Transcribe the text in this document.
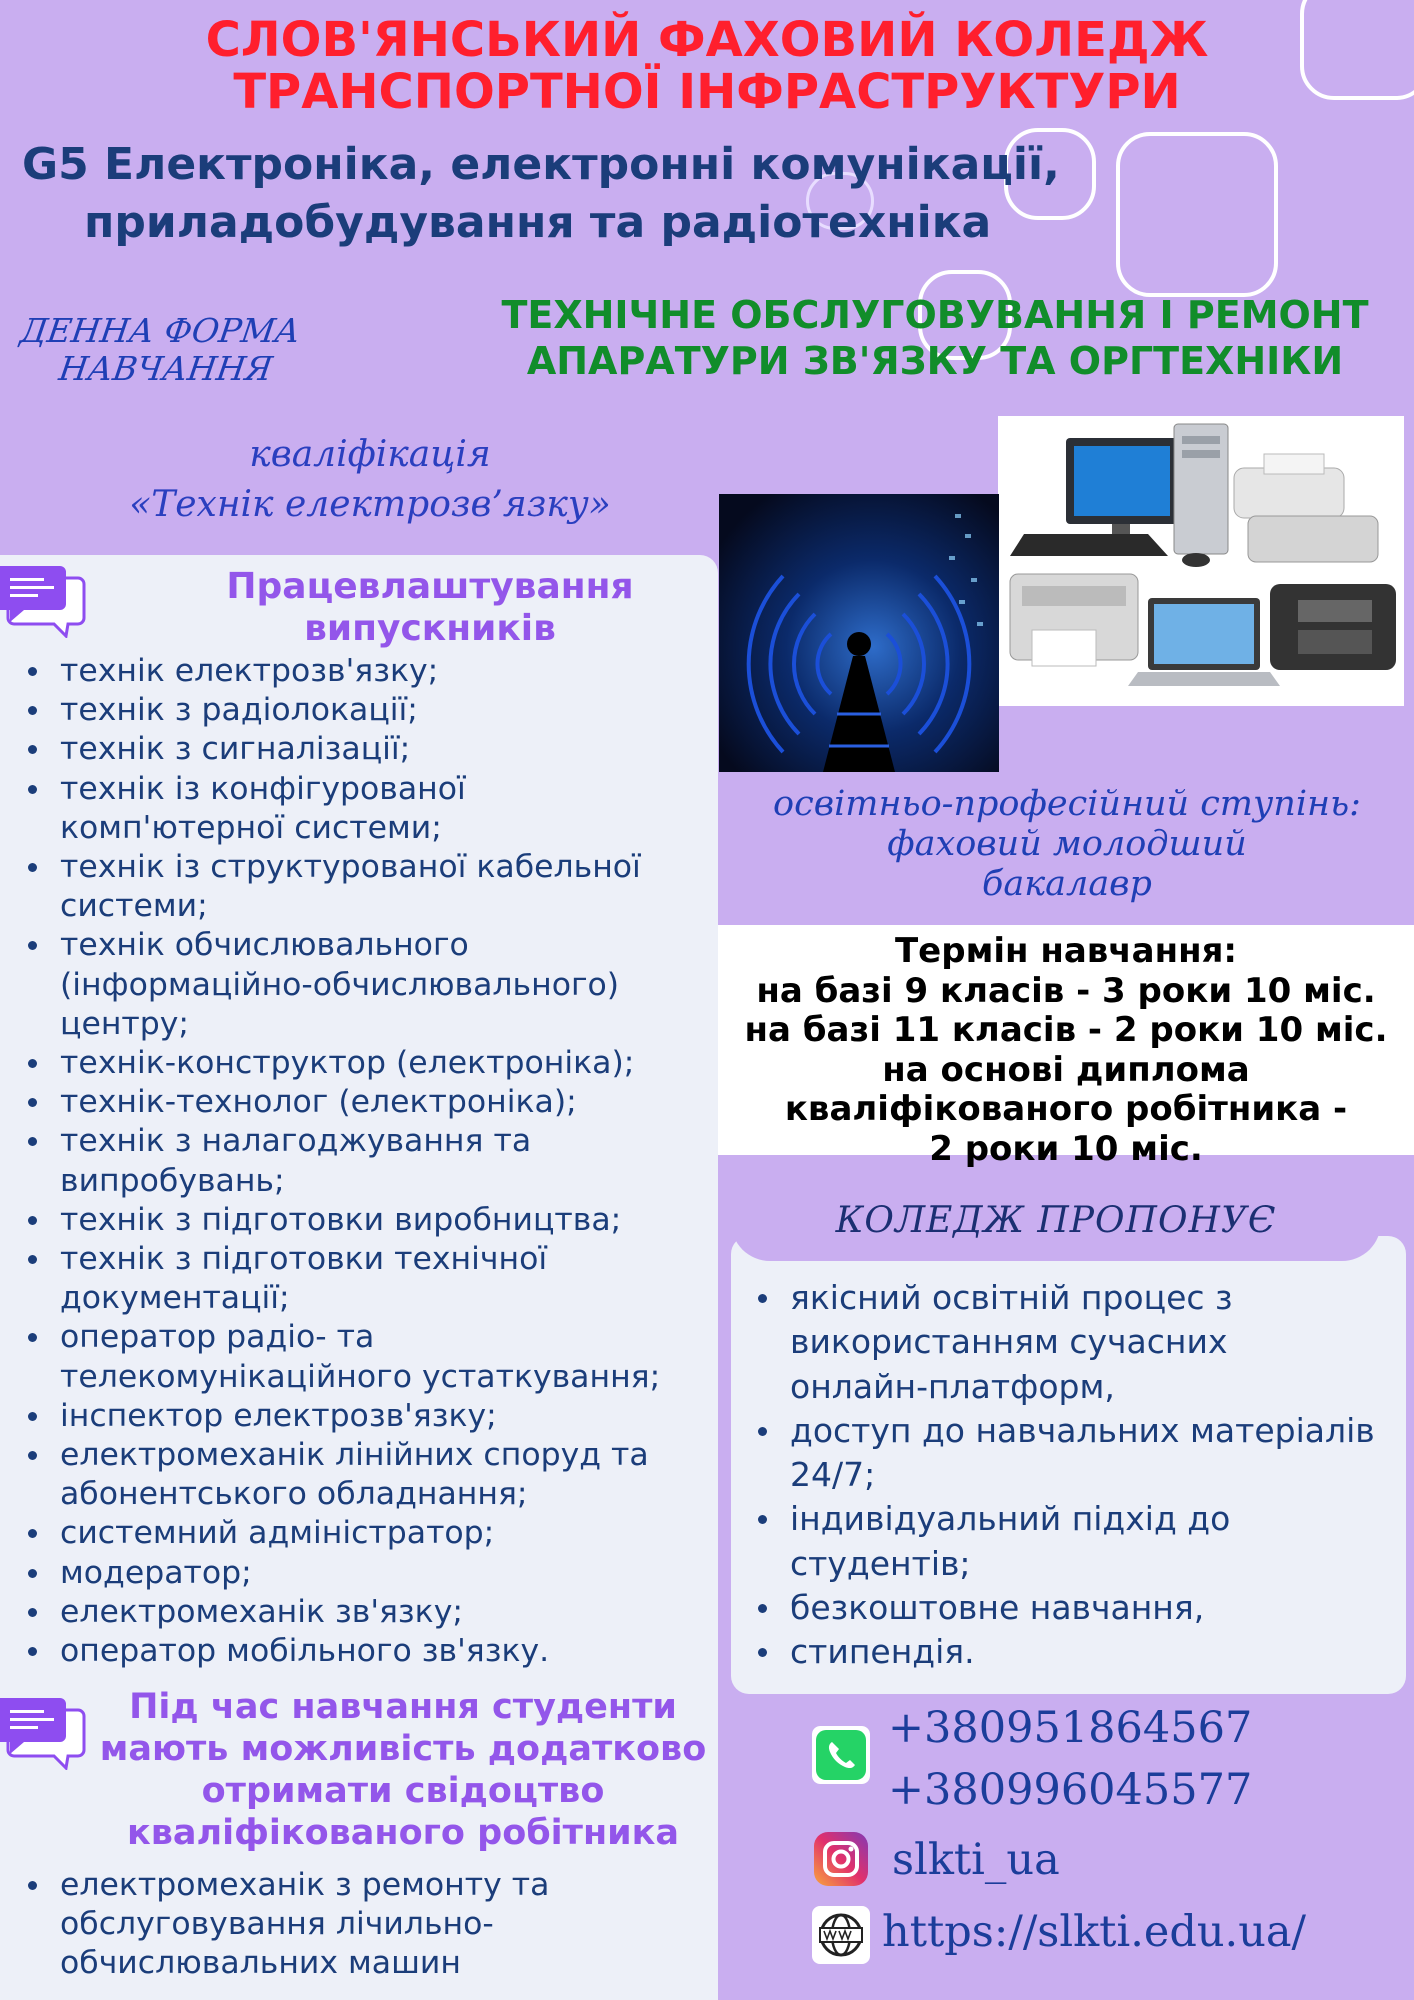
СЛОВ'ЯНСЬКИЙ ФАХОВИЙ КОЛЕДЖ
ТРАНСПОРТНОЇ ІНФРАСТРУКТУРИ
G5 Електроніка, електронні комунікації,
приладобудування та радіотехніка
ДЕННА ФОРМА
НАВЧАННЯ
ТЕХНІЧНЕ ОБСЛУГОВУВАННЯ І РЕМОНТ
АПАРАТУРИ ЗВ'ЯЗКУ ТА ОРГТЕХНІКИ
кваліфікація
«Технік електрозв’язку»
Працевлаштування
випускників
технік електрозв'язку;
технік з радіолокації;
технік з сигналізації;
технік із конфігурованої комп'ютерної системи;
технік із структурованої кабельної системи;
технік обчислювального (інформаційно-обчислювального) центру;
технік-конструктор (електроніка);
технік-технолог (електроніка);
технік з налагоджування та випробувань;
технік з підготовки виробництва;
технік з підготовки технічної документації;
оператор радіо- та телекомунікаційного устаткування;
інспектор електрозв'язку;
електромеханік лінійних споруд та абонентського обладнання;
системний адміністратор;
модератор;
електромеханік зв'язку;
оператор мобільного зв'язку.
Під час навчання студенти
мають можливість додатково
отримати свідоцтво
кваліфікованого робітника
електромеханік з ремонту та обслуговування лічильно-обчислювальних машин
освітньо-професійний ступінь:
фаховий молодший
бакалавр
Термін навчання:
на базі 9 класів - 3 роки 10 міс.
на базі 11 класів - 2 роки 10 міс.
на основі диплома
кваліфікованого робітника -
2 роки 10 міс.
КОЛЕДЖ ПРОПОНУЄ
якісний освітній процес з використанням сучасних онлайн-платформ,
доступ до навчальних матеріалів 24/7;
індивідуальний підхід до студентів;
безкоштовне навчання,
стипендія.
+380951864567
+380996045577
slkti_ua
https://slkti.edu.ua/
